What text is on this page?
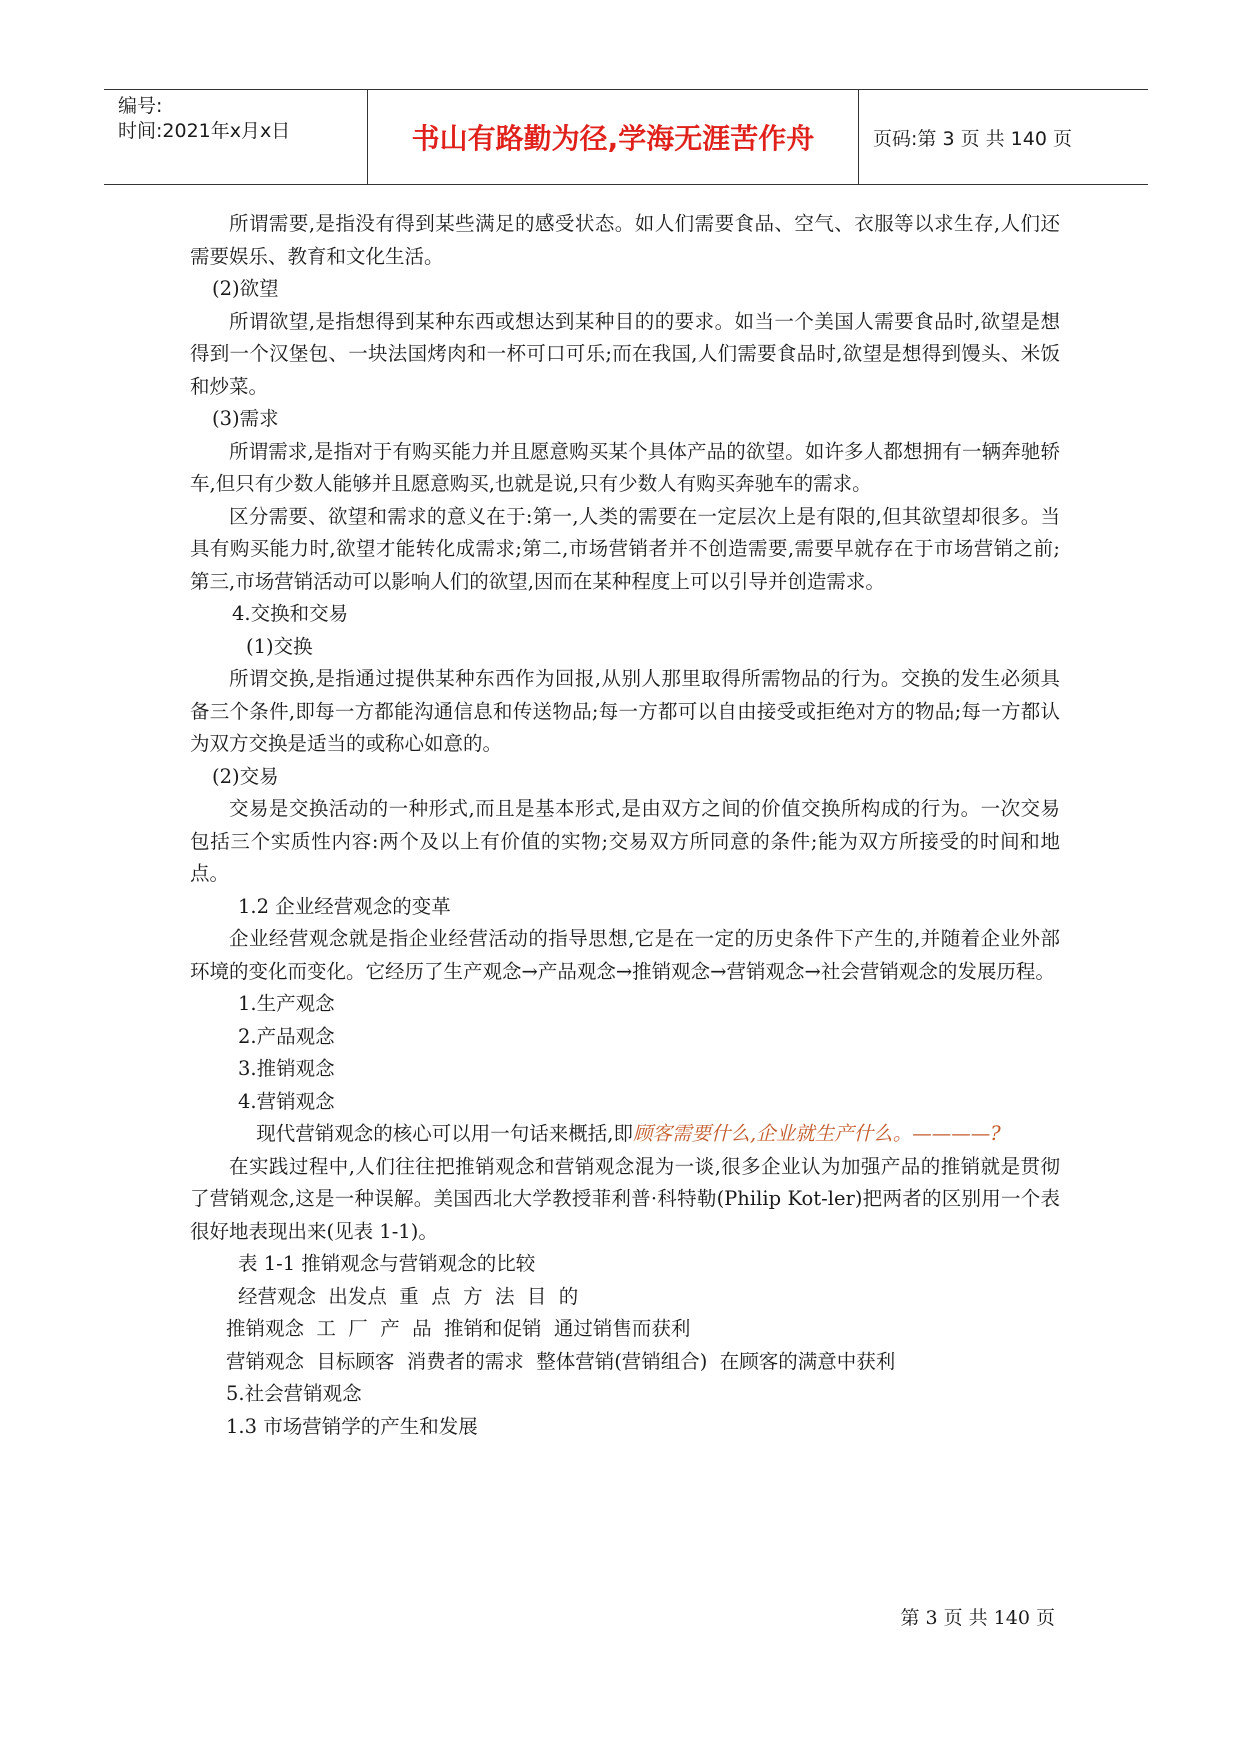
编号:
时间:2021年x月x日	书山有路勤为径,学海无涯苦作舟	页码:第 3 页 共 140 页

所谓需要,是指没有得到某些满足的感受状态。如人们需要食品、空气、衣服等以求生存,人们还需要娱乐、教育和文化生活。

(2)欲望

所谓欲望,是指想得到某种东西或想达到某种目的的要求。如当一个美国人需要食品时,欲望是想得到一个汉堡包、一块法国烤肉和一杯可口可乐;而在我国,人们需要食品时,欲望是想得到馒头、米饭和炒菜。

(3)需求

所谓需求,是指对于有购买能力并且愿意购买某个具体产品的欲望。如许多人都想拥有一辆奔驰轿车,但只有少数人能够并且愿意购买,也就是说,只有少数人有购买奔驰车的需求。

区分需要、欲望和需求的意义在于:第一,人类的需要在一定层次上是有限的,但其欲望却很多。当具有购买能力时,欲望才能转化成需求;第二,市场营销者并不创造需要,需要早就存在于市场营销之前;第三,市场营销活动可以影响人们的欲望,因而在某种程度上可以引导并创造需求。

4.交换和交易

(1)交换

所谓交换,是指通过提供某种东西作为回报,从别人那里取得所需物品的行为。交换的发生必须具备三个条件,即每一方都能沟通信息和传送物品;每一方都可以自由接受或拒绝对方的物品;每一方都认为双方交换是适当的或称心如意的。

(2)交易

交易是交换活动的一种形式,而且是基本形式,是由双方之间的价值交换所构成的行为。一次交易包括三个实质性内容:两个及以上有价值的实物;交易双方所同意的条件;能为双方所接受的时间和地点。

1.2 企业经营观念的变革

企业经营观念就是指企业经营活动的指导思想,它是在一定的历史条件下产生的,并随着企业外部环境的变化而变化。它经历了生产观念→产品观念→推销观念→营销观念→社会营销观念的发展历程。

1.生产观念

2.产品观念

3.推销观念

4.营销观念

现代营销观念的核心可以用一句话来概括,即顾客需要什么,企业就生产什么。————?

在实践过程中,人们往往把推销观念和营销观念混为一谈,很多企业认为加强产品的推销就是贯彻了营销观念,这是一种误解。美国西北大学教授菲利普·科特勒(Philip Kot-ler)把两者的区别用一个表很好地表现出来(见表 1-1)。

表 1-1 推销观念与营销观念的比较

经营观念  出发点  重  点  方  法  目  的

推销观念  工  厂  产  品  推销和促销  通过销售而获利

营销观念  目标顾客  消费者的需求  整体营销(营销组合)  在顾客的满意中获利

5.社会营销观念

1.3 市场营销学的产生和发展

第 3 页 共 140 页
